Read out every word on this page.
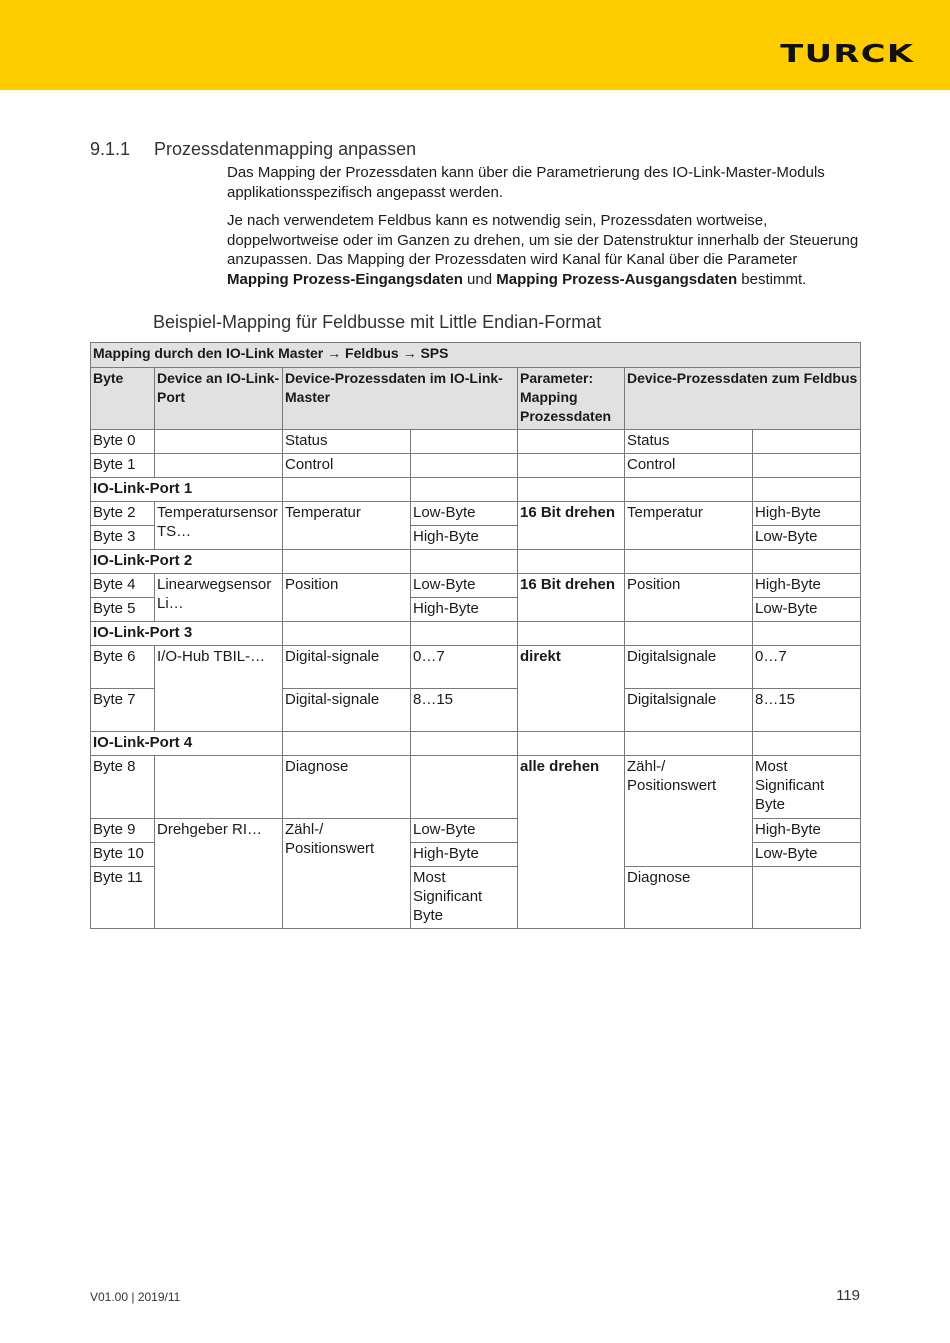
TURCK
9.1.1 Prozessdatenmapping anpassen
Das Mapping der Prozessdaten kann über die Parametrierung des IO-Link-Master-Moduls applikationsspezifisch angepasst werden.
Je nach verwendetem Feldbus kann es notwendig sein, Prozessdaten wortweise, doppelwortweise oder im Ganzen zu drehen, um sie der Datenstruktur innerhalb der Steuerung anzupassen. Das Mapping der Prozessdaten wird Kanal für Kanal über die Parameter Mapping Prozess-Eingangsdaten und Mapping Prozess-Ausgangsdaten bestimmt.
Beispiel-Mapping für Feldbusse mit Little Endian-Format
Mapping durch den IO-Link Master → Feldbus → SPS						
Byte	Device an IO-Link-Port	Device-Prozessdaten im IO-Link-Master		Parameter: Mapping Prozessdaten	Device-Prozessdaten zum Feldbus	
Byte 0		Status			Status	
Byte 1		Control			Control	
IO-Link-Port 1						
Byte 2	Temperatursensor TS…	Temperatur	Low-Byte	16 Bit drehen	Temperatur	High-Byte
Byte 3			High-Byte			Low-Byte
IO-Link-Port 2						
Byte 4	Linearwegsensor Li…	Position	Low-Byte	16 Bit drehen	Position	High-Byte
Byte 5			High-Byte			Low-Byte
IO-Link-Port 3						
Byte 6	I/O-Hub TBIL-…	Digital-signale	0…7	direkt	Digitalsignale	0…7
Byte 7		Digital-signale	8…15		Digitalsignale	8…15
IO-Link-Port 4						
Byte 8		Diagnose		alle drehen	Zähl-/ Positionswert	Most Significant Byte
Byte 9	Drehgeber RI…	Zähl-/ Positionswert	Low-Byte			High-Byte
Byte 10			High-Byte			Low-Byte
Byte 11			Most Significant Byte		Diagnose	
V01.00 | 2019/11	119
